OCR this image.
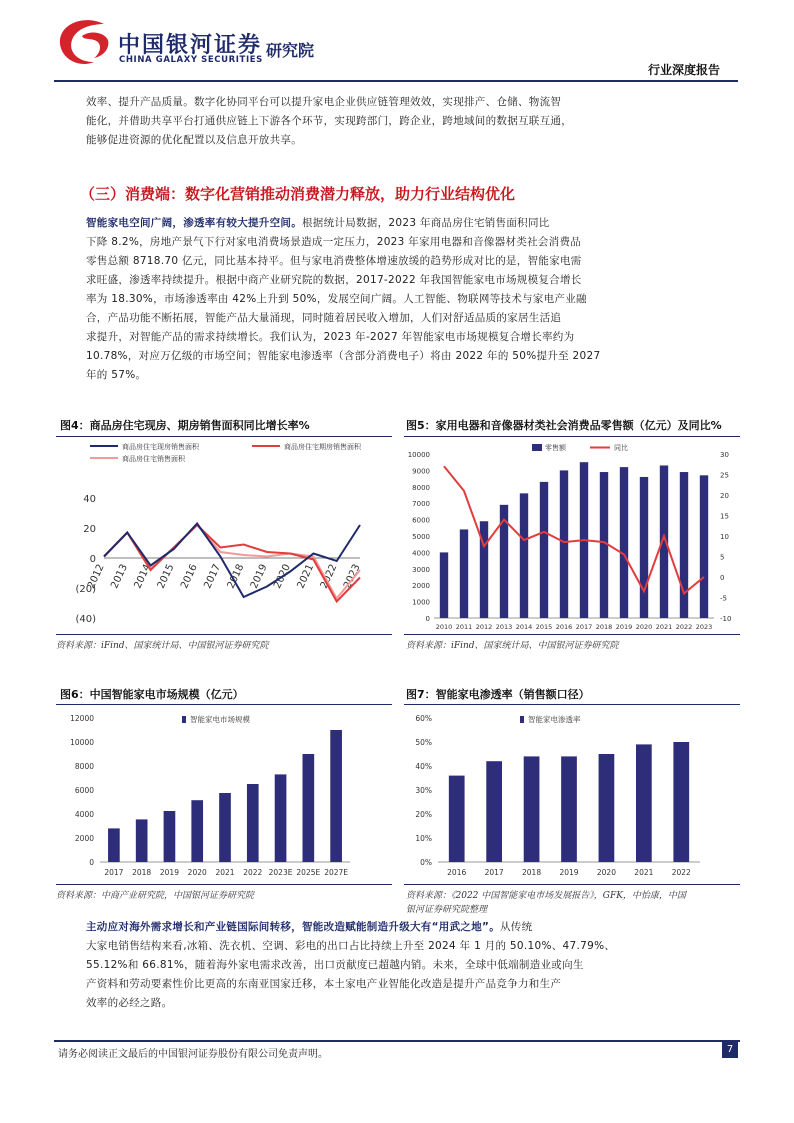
中国银河证券
CHINA GALAXY SECURITIES 研究院
行业深度报告
效率、提升产品质量。数字化协同平台可以提升家电企业供应链管理效效，实现排产、仓储、物流智
能化，并借助共享平台打通供应链上下游各个环节，实现跨部门，跨企业，跨地域间的数据互联互通，
能够促进资源的优化配置以及信息开放共享。
（三）消费端：数字化营销推动消费潜力释放，助力行业结构优化
智能家电空间广阔，渗透率有较大提升空间。根据统计局数据，2023 年商品房住宅销售面积同比
下降 8.2%，房地产景气下行对家电消费场景造成一定压力，2023 年家用电器和音像器材类社会消费品
零售总额 8718.70 亿元，同比基本持平。但与家电消费整体增速放缓的趋势形成对比的是，智能家电需
求旺盛，渗透率持续提升。根据中商产业研究院的数据，2017-2022 年我国智能家电市场规模复合增长
率为 18.30%，市场渗透率由 42%上升到 50%，发展空间广阔。人工智能、物联网等技术与家电产业融
合，产品功能不断拓展，智能产品大量涌现，同时随着居民收入增加，人们对舒适品质的家居生活追
求提升，对智能产品的需求持续增长。我们认为，2023 年-2027 年智能家电市场规模复合增长率约为
10.78%，对应万亿级的市场空间；智能家电渗透率（含部分消费电子）将由 2022 年的 50%提升至 2027
年的 57%。
图4：商品房住宅现房、期房销售面积同比增长率%	图5：家用电器和音像器材类社会消费品零售额（亿元）及同比%
40
20
0
(20)
(40)
2012 2013 2014 2015 2016 2017 2018 2019 2020 2021 2022 2023
商品房住宅现房销售面积	商品房住宅期房销售面积
商品房住宅销售面积
0
1000
2000
3000
4000
5000
6000
7000
8000
9000
10000
-10
-5
0
5
10
15
20
25
30
2010 2011 2012 2013 2014 2015 2016 2017 2018 2019 2020 2021 2022 2023
零售额	同比
资料来源：iFind、国家统计局、中国银河证券研究院	资料来源：iFind、国家统计局、中国银河证券研究院
图6：中国智能家电市场规模（亿元）	图7：智能家电渗透率（销售额口径）
0
2000
4000
6000
8000
10000
12000
2017 2018 2019 2020 2021 2022 2023E 2025E 2027E
智能家电市场规模
0%
10%
20%
30%
40%
50%
60%
2016 2017 2018 2019 2020 2021 2022
智能家电渗透率
资料来源：中商产业研究院，中国银河证券研究院	资料来源：《2022 中国智能家电市场发展报告》，GFK，中怡康，中国
银河证券研究院整理
主动应对海外需求增长和产业链国际间转移，智能改造赋能制造升级大有“用武之地”。从传统
大家电销售结构来看,冰箱、洗衣机、空调、彩电的出口占比持续上升至 2024 年 1 月的 50.10%、47.79%、
55.12%和 66.81%，随着海外家电需求改善，出口贡献度已超越内销。未来，全球中低端制造业或向生
产资料和劳动要素性价比更高的东南亚国家迁移，本土家电产业智能化改造是提升产品竞争力和生产
效率的必经之路。
请务必阅读正文最后的中国银河证券股份有限公司免责声明。	7
